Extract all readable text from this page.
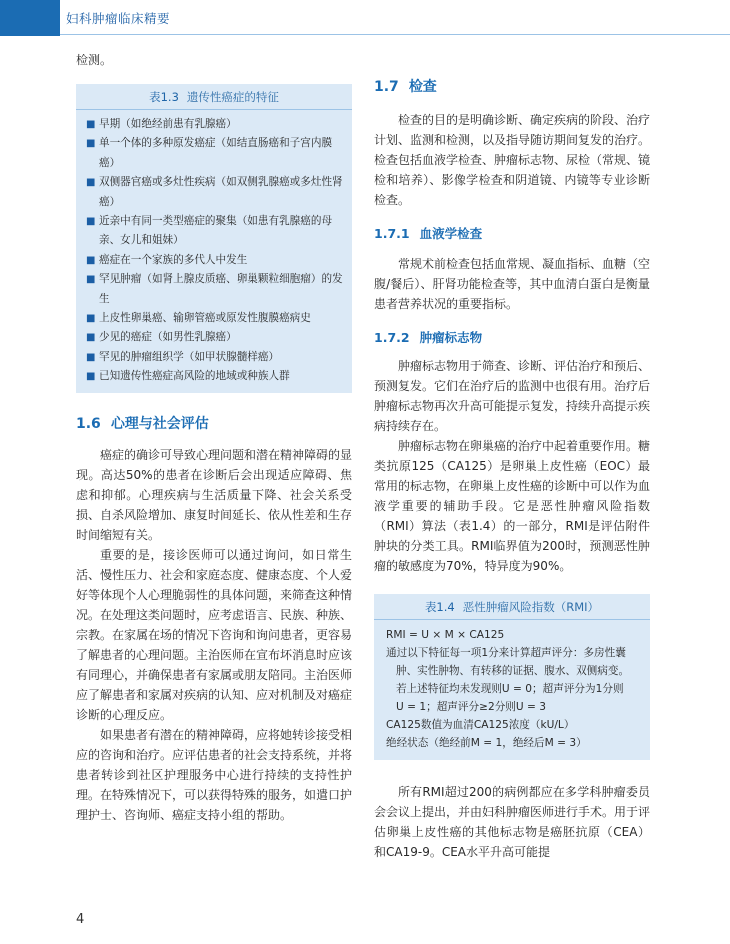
妇科肿瘤临床精要

检测。

表1.3 遗传性癌症的特征
■ 早期（如绝经前患有乳腺癌）
■ 单一个体的多种原发癌症（如结直肠癌和子宫内膜癌）
■ 双侧器官癌或多灶性疾病（如双侧乳腺癌或多灶性肾癌）
■ 近亲中有同一类型癌症的聚集（如患有乳腺癌的母亲、女儿和姐妹）
■ 癌症在一个家族的多代人中发生
■ 罕见肿瘤（如肾上腺皮质癌、卵巢颗粒细胞瘤）的发生
■ 上皮性卵巢癌、输卵管癌或原发性腹膜癌病史
■ 少见的癌症（如男性乳腺癌）
■ 罕见的肿瘤组织学（如甲状腺髓样癌）
■ 已知遗传性癌症高风险的地域或种族人群
1.6 心理与社会评估

癌症的确诊可导致心理问题和潜在精神障碍的显现。高达50%的患者在诊断后会出现适应障碍、焦虑和抑郁。心理疾病与生活质量下降、社会关系受损、自杀风险增加、康复时间延长、依从性差和生存时间缩短有关。

重要的是，接诊医师可以通过询问，如日常生活、慢性压力、社会和家庭态度、健康态度、个人爱好等体现个人心理脆弱性的具体问题，来筛查这种情况。在处理这类问题时，应考虑语言、民族、种族、宗教。在家属在场的情况下咨询和询问患者，更容易了解患者的心理问题。主治医师在宣布坏消息时应该有同理心，并确保患者有家属或朋友陪同。主治医师应了解患者和家属对疾病的认知、应对机制及对癌症诊断的心理反应。

如果患者有潜在的精神障碍，应将她转诊接受相应的咨询和治疗。应评估患者的社会支持系统，并将患者转诊到社区护理服务中心进行持续的支持性护理。在特殊情况下，可以获得特殊的服务，如遣口护理护士、咨询师、癌症支持小组的帮助。

1.7 检查

检查的目的是明确诊断、确定疾病的阶段、治疗计划、监测和检测，以及指导随访期间复发的治疗。检查包括血液学检查、肿瘤标志物、尿检（常规、镜检和培养）、影像学检查和阴道镜、内镜等专业诊断检查。

1.7.1 血液学检查

常规术前检查包括血常规、凝血指标、血糖（空腹/餐后）、肝肾功能检查等，其中血清白蛋白是衡量患者营养状况的重要指标。

1.7.2 肿瘤标志物

肿瘤标志物用于筛查、诊断、评估治疗和预后、预测复发。它们在治疗后的监测中也很有用。治疗后肿瘤标志物再次升高可能提示复发，持续升高提示疾病持续存在。

肿瘤标志物在卵巢癌的治疗中起着重要作用。糖类抗原125（CA125）是卵巢上皮性癌（EOC）最常用的标志物，在卵巢上皮性癌的诊断中可以作为血液学重要的辅助手段。它是恶性肿瘤风险指数（RMI）算法（表1.4）的一部分，RMI是评估附件肿块的分类工具。RMI临界值为200时，预测恶性肿瘤的敏感度为70%，特异度为90%。

表1.4 恶性肿瘤风险指数（RMI）
RMI = U × M × CA125
通过以下特征每一项1分来计算超声评分：多房性囊
肿、实性肿物、有转移的证据、腹水、双侧病变。
若上述特征均未发现则U = 0；超声评分为1分则
U = 1；超声评分≥2分则U = 3
CA125数值为血清CA125浓度（kU/L）
绝经状态（绝经前M = 1，绝经后M = 3）

所有RMI超过200的病例都应在多学科肿瘤委员会会议上提出，并由妇科肿瘤医师进行手术。用于评估卵巢上皮性癌的其他标志物是癌胚抗原（CEA）和CA19-9。CEA水平升高可能提

4
